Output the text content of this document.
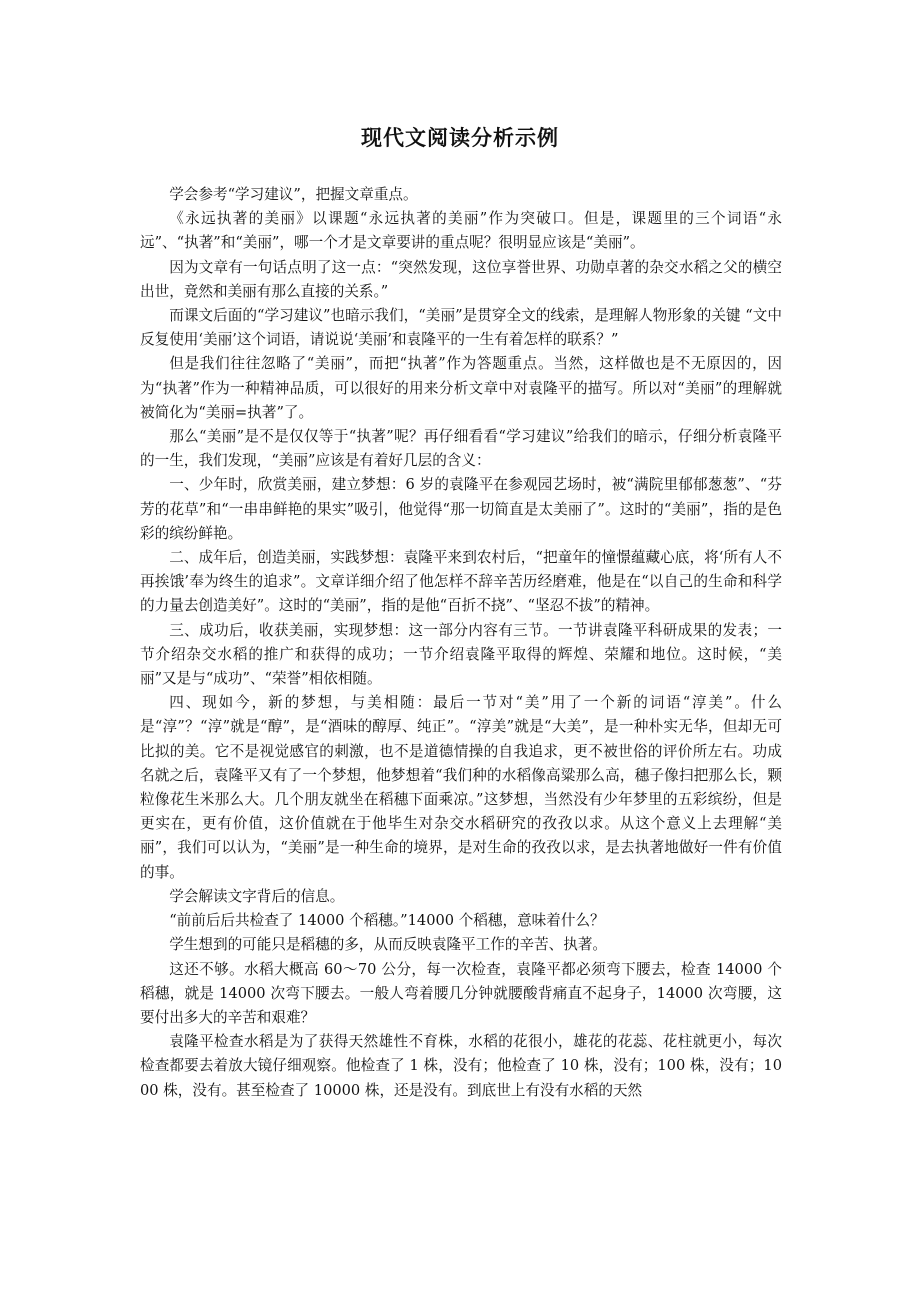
现代文阅读分析示例

学会参考“学习建议”，把握文章重点。

《永远执著的美丽》以课题“永远执著的美丽”作为突破口。但是，课题里的三个词语“永远”、“执著”和“美丽”，哪一个才是文章要讲的重点呢？很明显应该是“美丽”。

因为文章有一句话点明了这一点：“突然发现，这位享誉世界、功勋卓著的杂交水稻之父的横空出世，竟然和美丽有那么直接的关系。”

而课文后面的“学习建议”也暗示我们，“美丽”是贯穿全文的线索，是理解人物形象的关键 “文中反复使用‘美丽’这个词语，请说说‘美丽’和袁隆平的一生有着怎样的联系？”

但是我们往往忽略了“美丽”，而把“执著”作为答题重点。当然，这样做也是不无原因的，因为“执著”作为一种精神品质，可以很好的用来分析文章中对袁隆平的描写。所以对“美丽”的理解就被简化为“美丽=执著”了。

那么“美丽”是不是仅仅等于“执著”呢？再仔细看看“学习建议”给我们的暗示，仔细分析袁隆平的一生，我们发现，“美丽”应该是有着好几层的含义：

一、少年时，欣赏美丽，建立梦想：6 岁的袁隆平在参观园艺场时，被“满院里郁郁葱葱”、“芬芳的花草”和“一串串鲜艳的果实”吸引，他觉得“那一切简直是太美丽了”。这时的“美丽”，指的是色彩的缤纷鲜艳。

二、成年后，创造美丽，实践梦想：袁隆平来到农村后，“把童年的憧憬蕴藏心底，将‘所有人不再挨饿’奉为终生的追求”。文章详细介绍了他怎样不辞辛苦历经磨难，他是在“以自己的生命和科学的力量去创造美好”。这时的“美丽”，指的是他“百折不挠”、“坚忍不拔”的精神。

三、成功后，收获美丽，实现梦想：这一部分内容有三节。一节讲袁隆平科研成果的发表；一节介绍杂交水稻的推广和获得的成功；一节介绍袁隆平取得的辉煌、荣耀和地位。这时候，“美丽”又是与“成功”、“荣誉”相依相随。

四、现如今，新的梦想，与美相随：最后一节对“美”用了一个新的词语“淳美”。什么是“淳”？“淳”就是“醇”，是“酒味的醇厚、纯正”。“淳美”就是“大美”，是一种朴实无华，但却无可比拟的美。它不是视觉感官的刺激，也不是道德情操的自我追求，更不被世俗的评价所左右。功成名就之后，袁隆平又有了一个梦想，他梦想着“我们种的水稻像高粱那么高，穗子像扫把那么长，颗粒像花生米那么大。几个朋友就坐在稻穗下面乘凉。”这梦想，当然没有少年梦里的五彩缤纷，但是更实在，更有价值，这价值就在于他毕生对杂交水稻研究的孜孜以求。从这个意义上去理解“美丽”，我们可以认为，“美丽”是一种生命的境界，是对生命的孜孜以求，是去执著地做好一件有价值的事。

学会解读文字背后的信息。

“前前后后共检查了 14000 个稻穗。”14000 个稻穗，意味着什么？

学生想到的可能只是稻穗的多，从而反映袁隆平工作的辛苦、执著。

这还不够。水稻大概高 60～70 公分，每一次检查，袁隆平都必须弯下腰去，检查 14000 个稻穗，就是 14000 次弯下腰去。一般人弯着腰几分钟就腰酸背痛直不起身子，14000 次弯腰，这要付出多大的辛苦和艰难？

袁隆平检查水稻是为了获得天然雄性不育株，水稻的花很小，雄花的花蕊、花柱就更小，每次检查都要去着放大镜仔细观察。他检查了 1 株，没有；他检查了 10 株，没有；100 株，没有；1000 株，没有。甚至检查了 10000 株，还是没有。到底世上有没有水稻的天然
